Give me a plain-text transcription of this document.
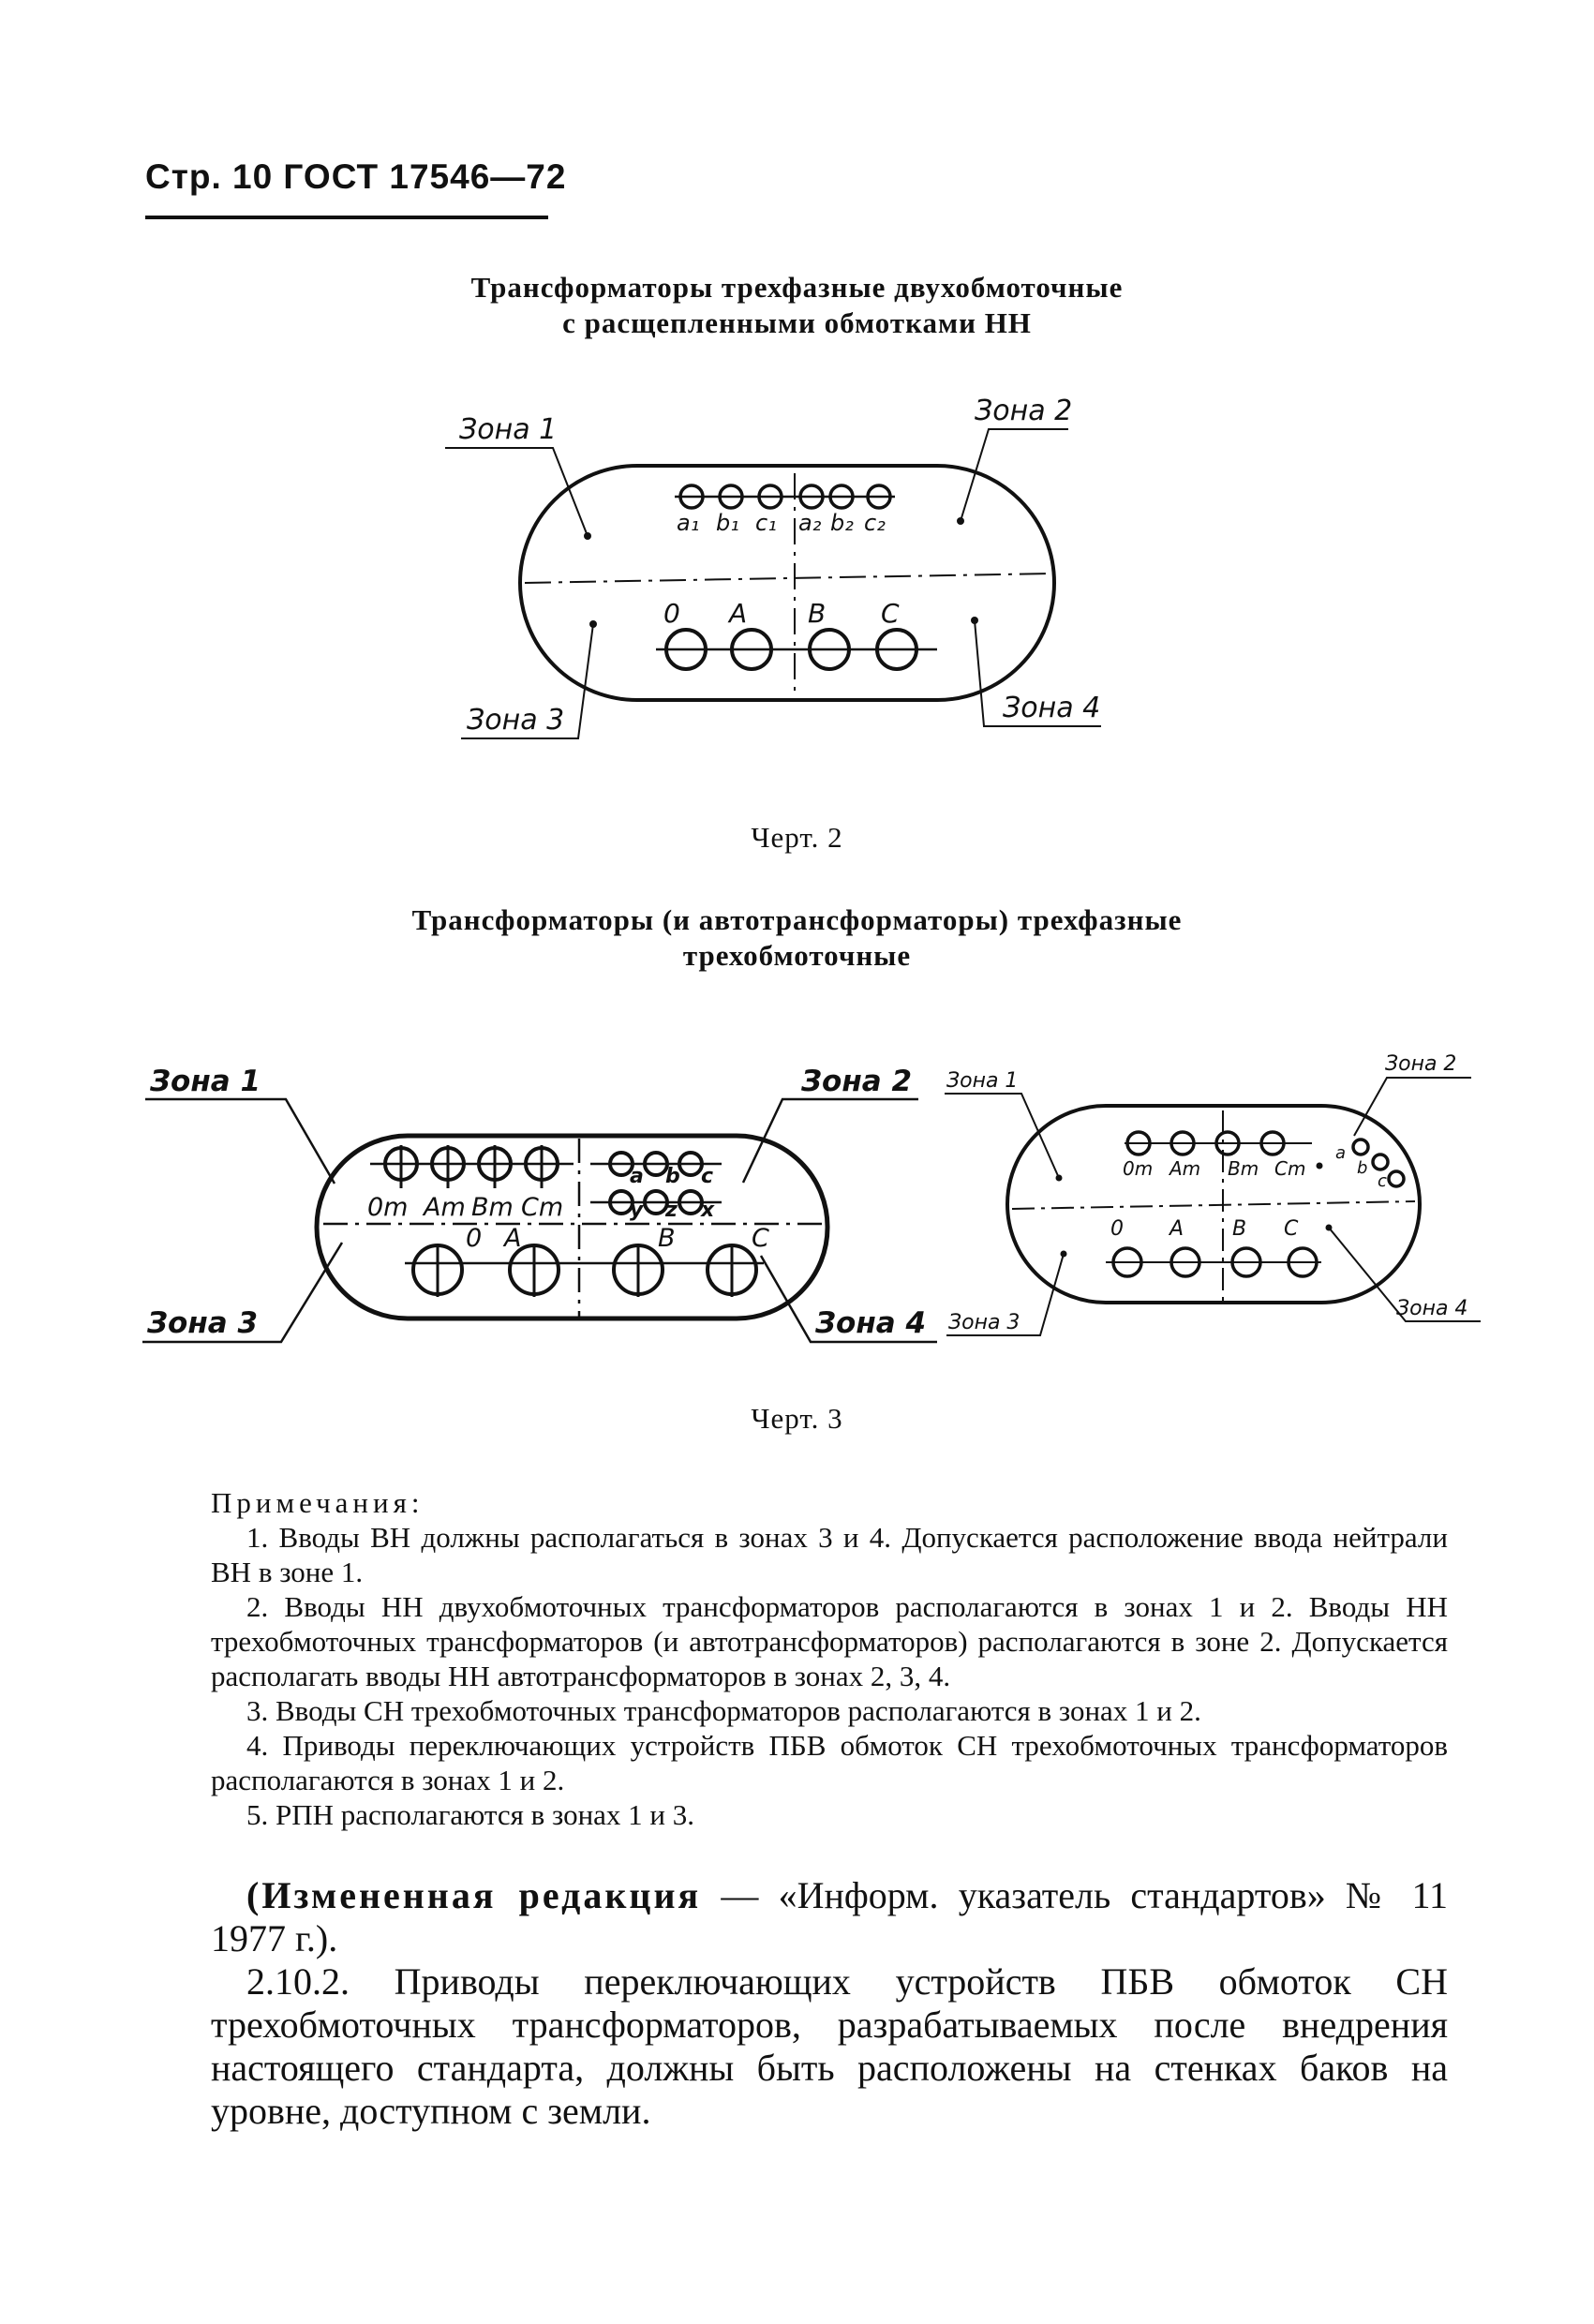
Стр. 10 ГОСТ 17546—72
Трансформаторы трехфазные двухобмоточные
с расщепленными обмотками НН
Зона 1
Зона 2
Зона 3	Зона 4
a₁ b₁ c₁ a₂ b₂ c₂
0 A B C
Черт. 2
Трансформаторы (и автотрансформаторы) трехфазные
трехобмоточные
Зона 1	Зона 2
Зона 3	Зона 4
0m Am Bm Cm
a b c
y z x
0 A	B	C
Зона 1
Зона 2
Зона 3
Зона 4
0m Am Bm Cm
a
b
c
0 A B C
Черт. 3

Примечания:

1. Вводы ВН должны располагаться в зонах 3 и 4. Допускается расположение ввода нейтрали ВН в зоне 1.

2. Вводы НН двухобмоточных трансформаторов располагаются в зонах 1 и 2. Вводы НН трехобмоточных трансформаторов (и автотрансформаторов) располагаются в зоне 2. Допускается располагать вводы НН автотрансформаторов в зонах 2, 3, 4.

3. Вводы СН трехобмоточных трансформаторов располагаются в зонах 1 и 2.

4. Приводы переключающих устройств ПБВ обмоток СН трехобмоточных трансформаторов располагаются в зонах 1 и 2.

5. РПН располагаются в зонах 1 и 3.

(Измененная редакция — «Информ. указатель стандартов» № 11 1977 г.).

2.10.2. Приводы переключающих устройств ПБВ обмоток СН трехобмоточных трансформаторов, разрабатываемых после внедрения настоящего стандарта, должны быть расположены на стенках баков на уровне, доступном с земли.
